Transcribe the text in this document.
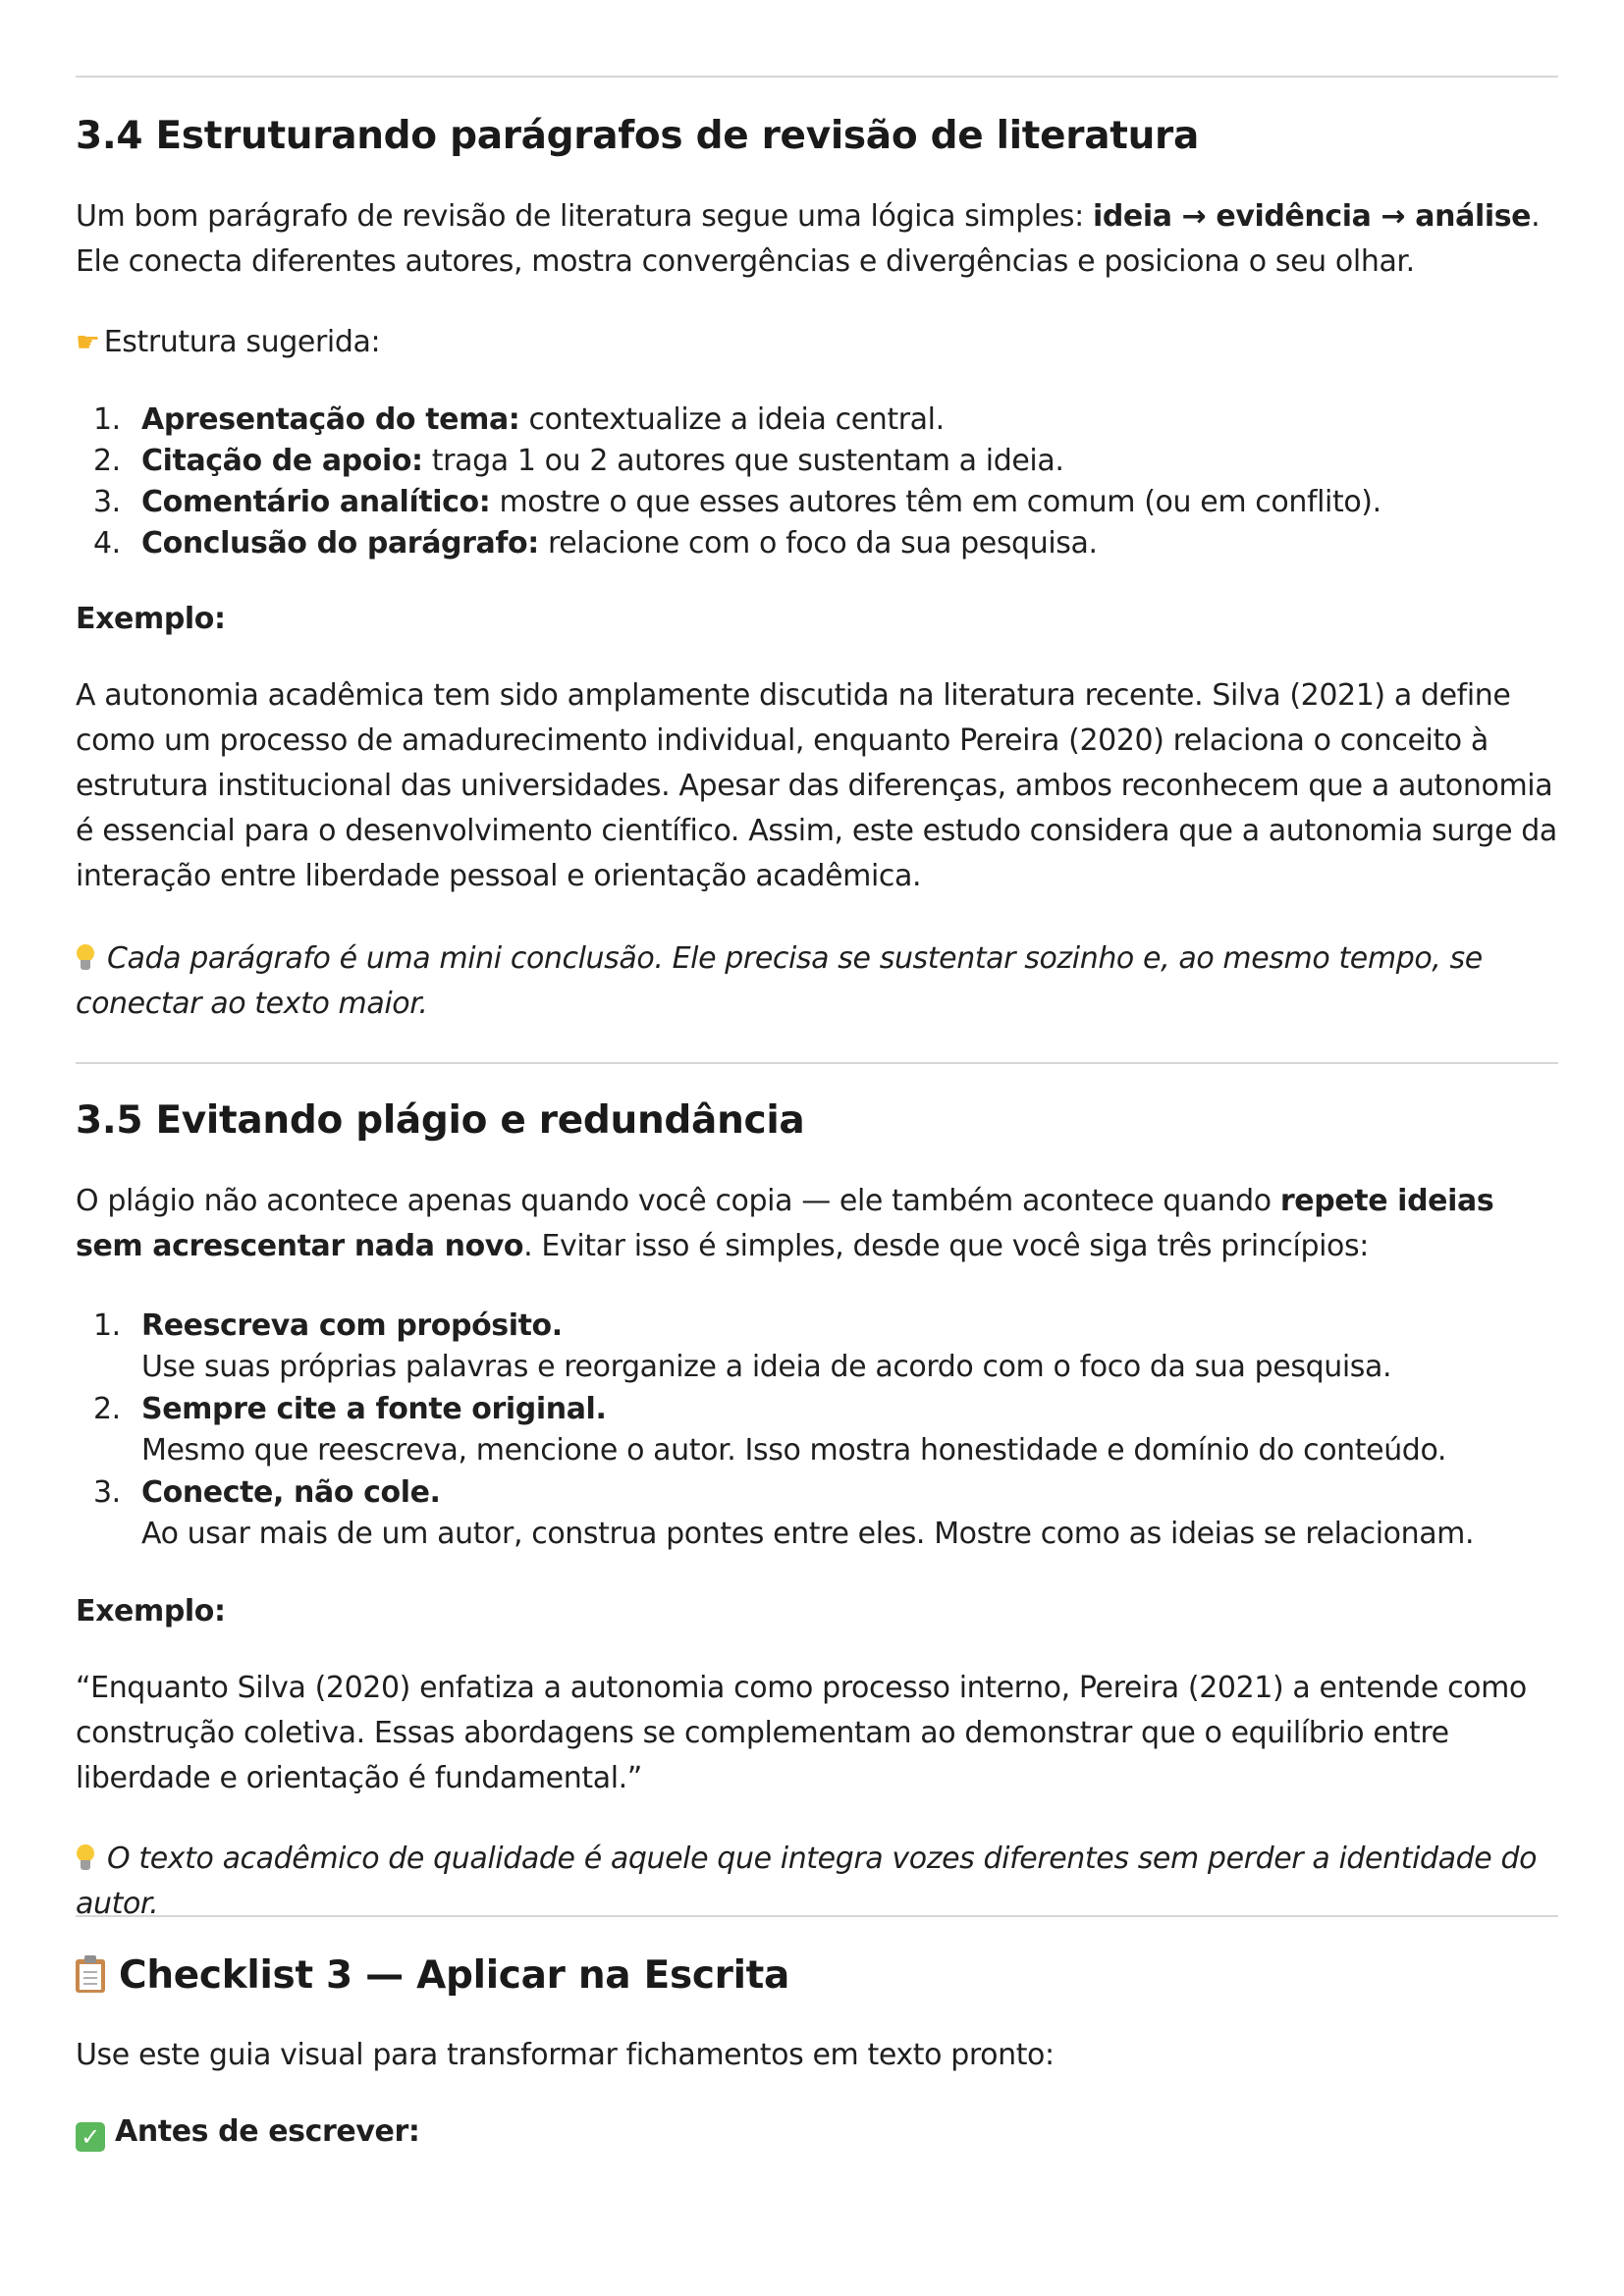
3.4 Estruturando parágrafos de revisão de literatura

Um bom parágrafo de revisão de literatura segue uma lógica simples: ideia → evidência → análise. Ele conecta diferentes autores, mostra convergências e divergências e posiciona o seu olhar.

☛ Estrutura sugerida:

1. Apresentação do tema: contextualize a ideia central.
2. Citação de apoio: traga 1 ou 2 autores que sustentam a ideia.
3. Comentário analítico: mostre o que esses autores têm em comum (ou em conflito).
4. Conclusão do parágrafo: relacione com o foco da sua pesquisa.

Exemplo:

A autonomia acadêmica tem sido amplamente discutida na literatura recente. Silva (2021) a define como um processo de amadurecimento individual, enquanto Pereira (2020) relaciona o conceito à estrutura institucional das universidades. Apesar das diferenças, ambos reconhecem que a autonomia é essencial para o desenvolvimento científico. Assim, este estudo considera que a autonomia surge da interação entre liberdade pessoal e orientação acadêmica.

Cada parágrafo é uma mini conclusão. Ele precisa se sustentar sozinho e, ao mesmo tempo, se conectar ao texto maior.

3.5 Evitando plágio e redundância

O plágio não acontece apenas quando você copia — ele também acontece quando repete ideias sem acrescentar nada novo. Evitar isso é simples, desde que você siga três princípios:

1. Reescreva com propósito.
Use suas próprias palavras e reorganize a ideia de acordo com o foco da sua pesquisa.
2. Sempre cite a fonte original.
Mesmo que reescreva, mencione o autor. Isso mostra honestidade e domínio do conteúdo.
3. Conecte, não cole.
Ao usar mais de um autor, construa pontes entre eles. Mostre como as ideias se relacionam.

Exemplo:

“Enquanto Silva (2020) enfatiza a autonomia como processo interno, Pereira (2021) a entende como construção coletiva. Essas abordagens se complementam ao demonstrar que o equilíbrio entre liberdade e orientação é fundamental.”

O texto acadêmico de qualidade é aquele que integra vozes diferentes sem perder a identidade do autor.

Checklist 3 — Aplicar na Escrita

Use este guia visual para transformar fichamentos em texto pronto:

✓ Antes de escrever:
